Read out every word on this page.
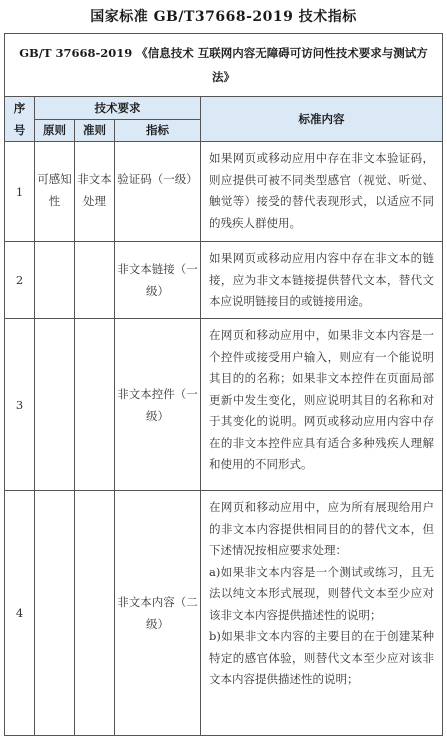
国家标准 GB/T37668-2019 技术指标
GB/T 37668-2019 《信息技术 互联网内容无障碍可访问性技术要求与测试方法》				
序
号	技术要求			标准内容
	原则	准则	指标	
1	可感知性	非文本处理	验证码（一级）	如果网页或移动应用中存在非文本验证码，则应提供可被不同类型感官（视觉、听觉、触觉等）接受的替代表现形式，以适应不同的残疾人群使用。

2			非文本链接（一级）	如果网页或移动应用内容中存在非文本的链接，应为非文本链接提供替代文本，替代文本应说明链接目的或链接用途。

3			非文本控件（一级）	在网页和移动应用中，如果非文本内容是一个控件或接受用户输入，则应有一个能说明其目的的名称；如果非文本控件在页面局部更新中发生变化，则应说明其目的名称和对于其变化的说明。网页或移动应用内容中存在的非文本控件应具有适合多种残疾人理解和使用的不同形式。

4			非文本内容（二级）	在网页和移动应用中，应为所有展现给用户的非文本内容提供相同目的的替代文本，但下述情况按相应要求处理：
a)如果非文本内容是一个测试或练习，且无法以纯文本形式展现，则替代文本至少应对该非文本内容提供描述性的说明；
b)如果非文本内容的主要目的在于创建某种特定的感官体验，则替代文本至少应对该非文本内容提供描述性的说明；
